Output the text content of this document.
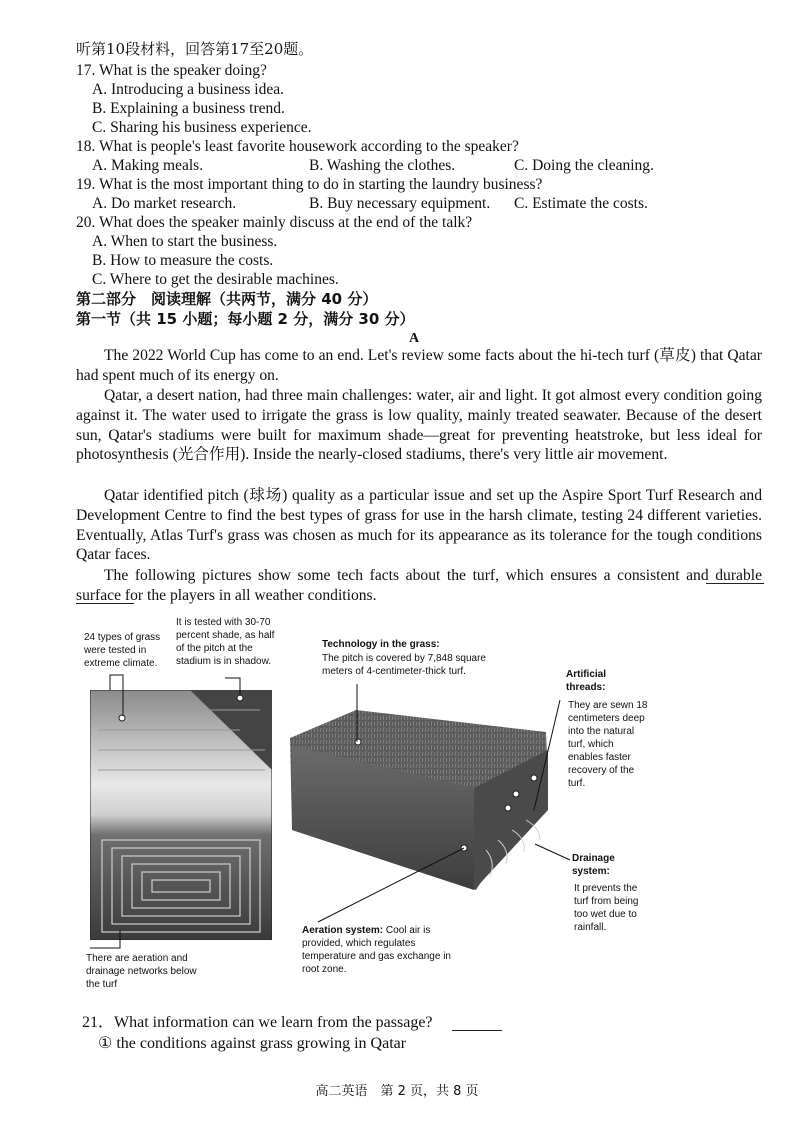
听第10段材料，回答第17至20题。
17. What is the speaker doing?
A. Introducing a business idea.
B. Explaining a business trend.
C. Sharing his business experience.
18. What is people's least favorite housework according to the speaker?
A. Making meals.	B. Washing the clothes.	C. Doing the cleaning.
19. What is the most important thing to do in starting the laundry business?
A. Do market research.	B. Buy necessary equipment. C. Estimate the costs.
20. What does the speaker mainly discuss at the end of the talk?
A. When to start the business.
B. How to measure the costs.
C. Where to get the desirable machines.
第二部分　阅读理解（共两节，满分 40 分）
第一节（共 15 小题；每小题 2 分，满分 30 分）
A

The 2022 World Cup has come to an end. Let's review some facts about the hi-tech turf (草皮) that Qatar had spent much of its energy on.

Qatar, a desert nation, had three main challenges: water, air and light. It got almost every condition going against it. The water used to irrigate the grass is low quality, mainly treated seawater. Because of the desert sun, Qatar's stadiums were built for maximum shade—great for preventing heatstroke, but less ideal for photosynthesis (光合作用). Inside the nearly-closed stadiums, there's very little air movement.

Qatar identified pitch (球场) quality as a particular issue and set up the Aspire Sport Turf Research and Development Centre to find the best types of grass for use in the harsh climate, testing 24 different varieties. Eventually, Atlas Turf's grass was chosen as much for its appearance as its tolerance for the tough conditions Qatar faces.

The following pictures show some tech facts about the turf, which ensures a consistent and durable surface for the players in all weather conditions.

24 types of grass were tested in extreme climate.
It is tested with 30-70 percent shade, as half of the pitch at the stadium is in shadow.
Technology in the grass:
The pitch is covered by 7,848 square meters of 4-centimeter-thick turf.	Artificial threads:
They are sewn 18 centimeters deep into the natural turf, which enables faster recovery of the turf.
Drainage system:
It prevents the turf from being too wet due to rainfall.
There are aeration and drainage networks below the turf
Aeration system: Cool air is provided, which regulates temperature and gas exchange in root zone.
21．What information can we learn from the passage?
① the conditions against grass growing in Qatar
高二英语　第 2 页，共 8 页
